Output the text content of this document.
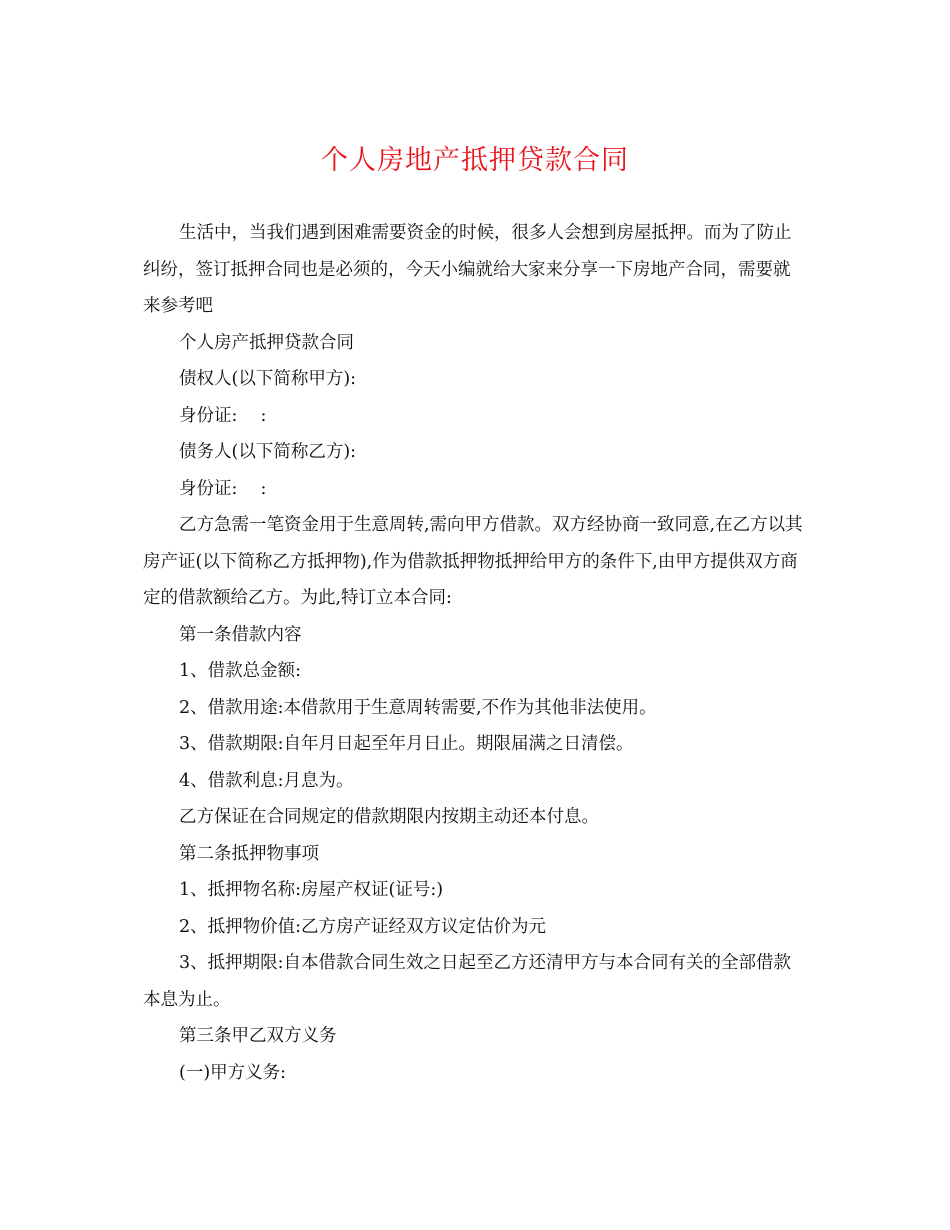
个人房地产抵押贷款合同

生活中，当我们遇到困难需要资金的时候，很多人会想到房屋抵押。而为了防止纠纷，签订抵押合同也是必须的，今天小编就给大家来分享一下房地产合同，需要就来参考吧

个人房产抵押贷款合同

债权人(以下简称甲方):

身份证:　 :

债务人(以下简称乙方):

身份证:　 :

乙方急需一笔资金用于生意周转,需向甲方借款。双方经协商一致同意,在乙方以其房产证(以下简称乙方抵押物),作为借款抵押物抵押给甲方的条件下,由甲方提供双方商定的借款额给乙方。为此,特订立本合同:

第一条借款内容

1、借款总金额:

2、借款用途:本借款用于生意周转需要,不作为其他非法使用。

3、借款期限:自年月日起至年月日止。期限届满之日清偿。

4、借款利息:月息为。

乙方保证在合同规定的借款期限内按期主动还本付息。

第二条抵押物事项

1、抵押物名称:房屋产权证(证号:)

2、抵押物价值:乙方房产证经双方议定估价为元

3、抵押期限:自本借款合同生效之日起至乙方还清甲方与本合同有关的全部借款本息为止。

第三条甲乙双方义务

(一)甲方义务:
